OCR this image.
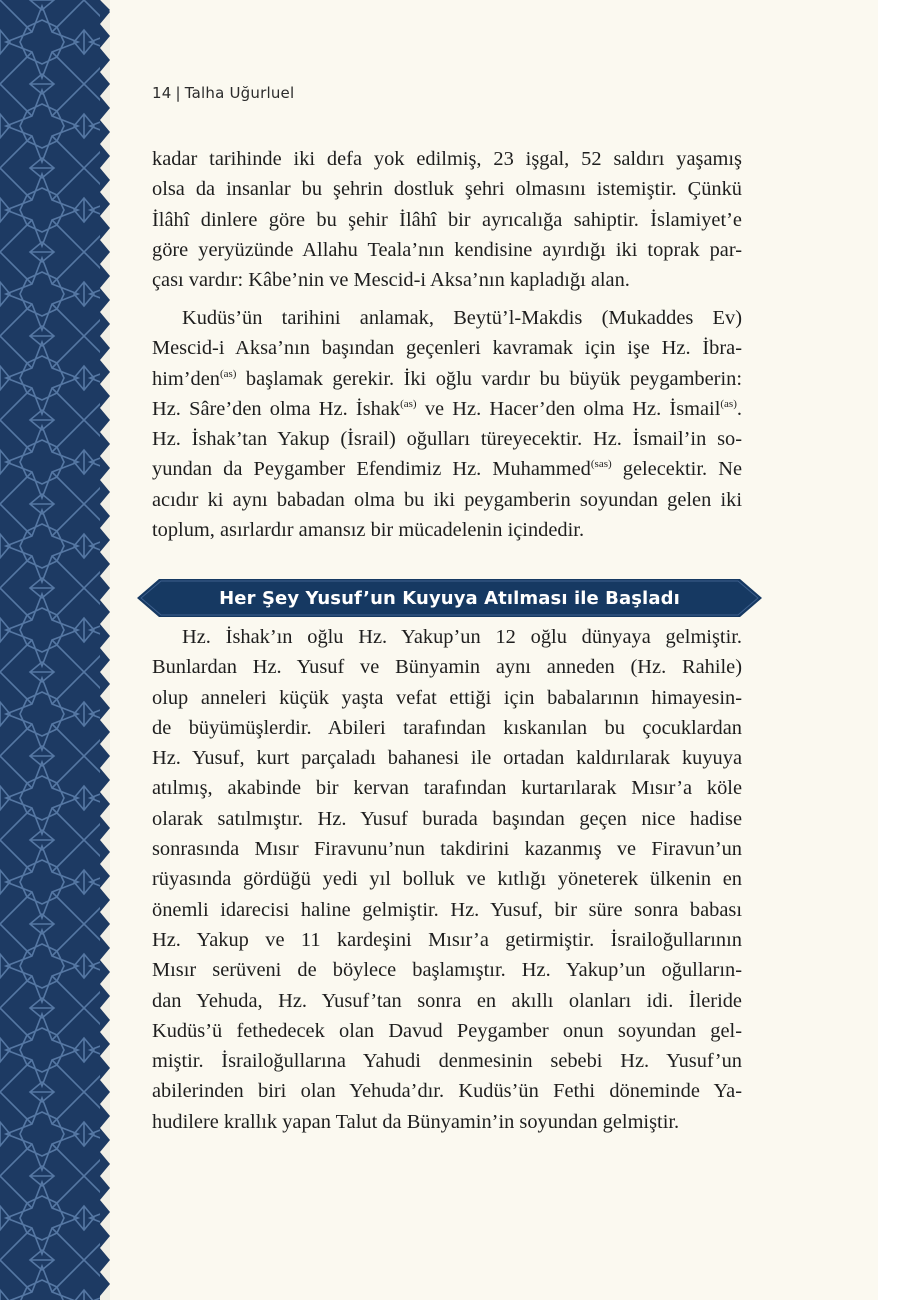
14 | Talha Uğurluel
kadar tarihinde iki defa yok edilmiş, 23 işgal, 52 saldırı yaşamış
olsa da insanlar bu şehrin dostluk şehri olmasını istemiştir. Çünkü
İlâhî dinlere göre bu şehir İlâhî bir ayrıcalığa sahiptir. İslamiyet’e
göre yeryüzünde Allahu Teala’nın kendisine ayırdığı iki toprak par-
çası vardır: Kâbe’nin ve Mescid-i Aksa’nın kapladığı alan.
Kudüs’ün tarihini anlamak, Beytü’l-Makdis (Mukaddes Ev)
Mescid-i Aksa’nın başından geçenleri kavramak için işe Hz. İbra-
him’den$^{(as)}$ başlamak gerekir. İki oğlu vardır bu büyük peygamberin:
Hz. Sâre’den olma Hz. İshak$^{(as)}$ ve Hz. Hacer’den olma Hz. İsmail$^{(as)}$.
Hz. İshak’tan Yakup (İsrail) oğulları türeyecektir. Hz. İsmail’in so-
yundan da Peygamber Efendimiz Hz. Muhammed$^{(sas)}$ gelecektir. Ne
acıdır ki aynı babadan olma bu iki peygamberin soyundan gelen iki
toplum, asırlardır amansız bir mücadelenin içindedir.
Her Şey Yusuf’un Kuyuya Atılması ile Başladı
Hz. İshak’ın oğlu Hz. Yakup’un 12 oğlu dünyaya gelmiştir.
Bunlardan Hz. Yusuf ve Bünyamin aynı anneden (Hz. Rahile)
olup anneleri küçük yaşta vefat ettiği için babalarının himayesin-
de büyümüşlerdir. Abileri tarafından kıskanılan bu çocuklardan
Hz. Yusuf, kurt parçaladı bahanesi ile ortadan kaldırılarak kuyuya
atılmış, akabinde bir kervan tarafından kurtarılarak Mısır’a köle
olarak satılmıştır. Hz. Yusuf burada başından geçen nice hadise
sonrasında Mısır Firavunu’nun takdirini kazanmış ve Firavun’un
rüyasında gördüğü yedi yıl bolluk ve kıtlığı yöneterek ülkenin en
önemli idarecisi haline gelmiştir. Hz. Yusuf, bir süre sonra babası
Hz. Yakup ve 11 kardeşini Mısır’a getirmiştir. İsrailoğullarının
Mısır serüveni de böylece başlamıştır. Hz. Yakup’un oğulların-
dan Yehuda, Hz. Yusuf’tan sonra en akıllı olanları idi. İleride
Kudüs’ü fethedecek olan Davud Peygamber onun soyundan gel-
miştir. İsrailoğullarına Yahudi denmesinin sebebi Hz. Yusuf’un
abilerinden biri olan Yehuda’dır. Kudüs’ün Fethi döneminde Ya-
hudilere krallık yapan Talut da Bünyamin’in soyundan gelmiştir.
